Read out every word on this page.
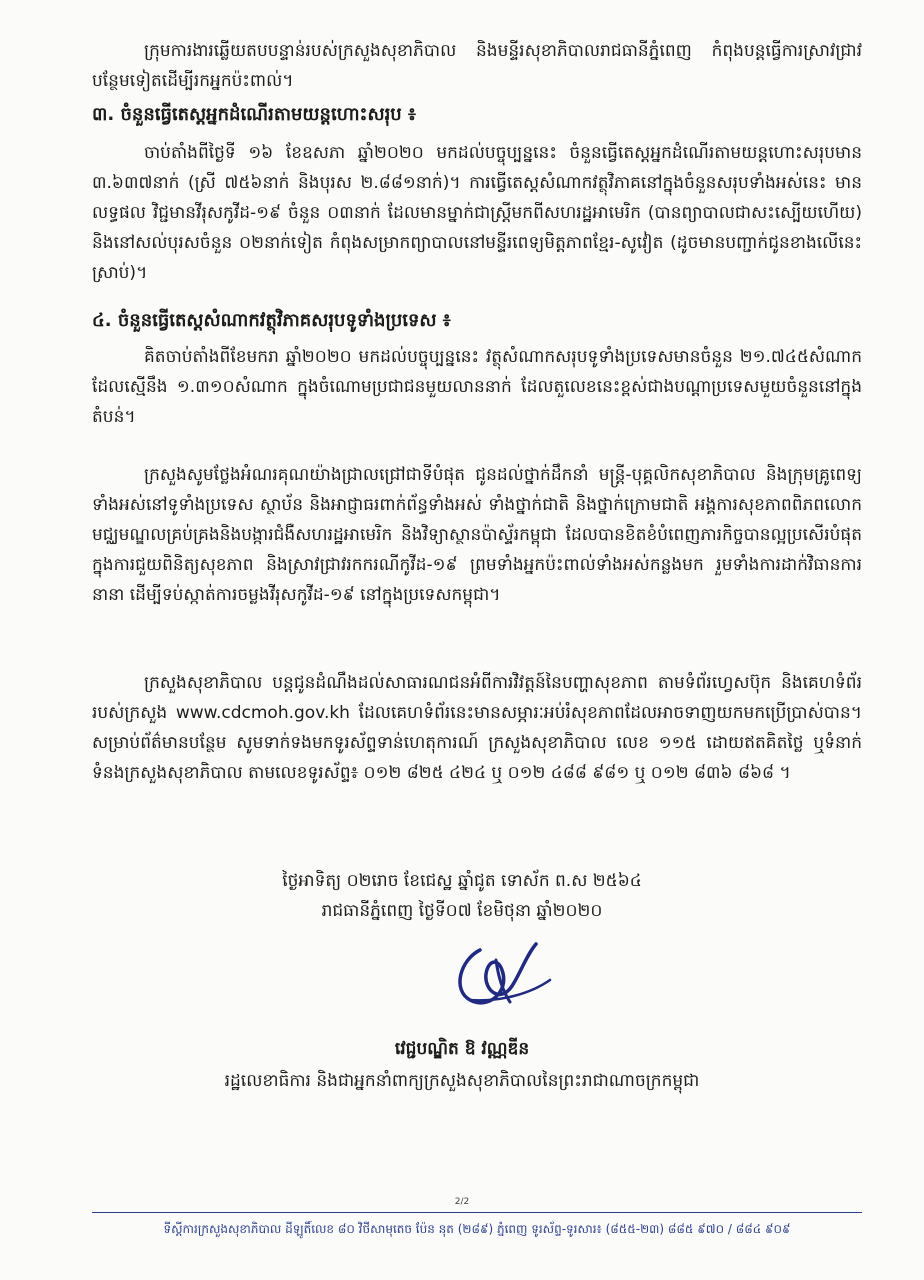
ក្រុមការងារឆ្លើយតបបន្ទាន់របស់ក្រសួងសុខាភិបាល និងមន្ទីរសុខាភិបាលរាជធានីភ្នំពេញ កំពុងបន្តធ្វើការស្រាវជ្រាវបន្ថែមទៀតដើម្បីរកអ្នកប៉ះពាល់។

៣. ចំនួនធ្វើតេស្តអ្នកដំណើរតាមយន្តហោះសរុប ៖

ចាប់តាំងពីថ្ងៃទី ១៦ ខែឧសភា ឆ្នាំ២០២០ មកដល់បច្ចុប្បន្ននេះ ចំនួនធ្វើតេស្តអ្នកដំណើរតាមយន្តហោះសរុបមាន ៣.៦៣៧នាក់ (ស្រី ៧៥៦នាក់ និងបុរស ២.៨៨១នាក់)។ ការធ្វើតេស្តសំណាកវត្ថុវិភាគនៅក្នុងចំនួនសរុបទាំងអស់នេះ មានលទ្ធផល វិជ្ជមានវីរុសកូវីដ-១៩ ចំនួន ០៣នាក់ ដែលមានម្នាក់ជាស្ត្រីមកពីសហរដ្ឋអាមេរិក (បានព្យាបាលជាសះស្បើយហើយ) និងនៅសល់បុរសចំនួន ០២នាក់ទៀត កំពុងសម្រាកព្យាបាលនៅមន្ទីរពេទ្យមិត្តភាពខ្មែរ-សូវៀត (ដូចមានបញ្ជាក់ជូនខាងលើនេះស្រាប់)។

៤. ចំនួនធ្វើតេស្តសំណាកវត្ថុវិភាគសរុបទូទាំងប្រទេស ៖

គិតចាប់តាំងពីខែមករា ឆ្នាំ២០២០ មកដល់បច្ចុប្បន្ននេះ វត្ថុសំណាកសរុបទូទាំងប្រទេសមានចំនួន ២១.៧៤៥សំណាក ដែលស្មើនឹង ១.៣១០សំណាក ក្នុងចំណោមប្រជាជនមួយលាននាក់ ដែលតួលេខនេះខ្ពស់ជាងបណ្តាប្រទេសមួយចំនួននៅក្នុងតំបន់។

ក្រសួងសូមថ្លែងអំណរគុណយ៉ាងជ្រាលជ្រៅជាទីបំផុត ជូនដល់ថ្នាក់ដឹកនាំ មន្ត្រី-បុគ្គលិកសុខាភិបាល និងក្រុមគ្រូពេទ្យទាំងអស់នៅទូទាំងប្រទេស ស្ថាប័ន និងអាជ្ញាធរពាក់ព័ន្ធទាំងអស់ ទាំងថ្នាក់ជាតិ និងថ្នាក់ក្រោមជាតិ អង្គការសុខភាពពិភពលោក មជ្ឈមណ្ឌលគ្រប់គ្រងនិងបង្ការជំងឺសហរដ្ឋអាមេរិក និងវិទ្យាស្ថានប៉ាស្ទ័រកម្ពុជា ដែលបានខិតខំបំពេញភារកិច្ចបានល្អប្រសើរបំផុត ក្នុងការជួយពិនិត្យសុខភាព និងស្រាវជ្រាវរកករណីកូវីដ-១៩ ព្រមទាំងអ្នកប៉ះពាល់ទាំងអស់កន្លងមក រួមទាំងការដាក់វិធានការនានា ដើម្បីទប់ស្កាត់ការចម្លងវីរុសកូវីដ-១៩ នៅក្នុងប្រទេសកម្ពុជា។

ក្រសួងសុខាភិបាល បន្តជូនដំណឹងដល់សាធារណជនអំពីការវិវត្តន៍នៃបញ្ហាសុខភាព តាមទំព័រហ្វេសប៊ុក និងគេហទំព័ររបស់ក្រសួង www.cdcmoh.gov.kh ដែលគេហទំព័រនេះមានសម្ភារៈអប់រំសុខភាពដែលអាចទាញយកមកប្រើប្រាស់បាន។ សម្រាប់ព័ត៌មានបន្ថែម សូមទាក់ទងមកទូរស័ព្ទទាន់ហេតុការណ៍ ក្រសួងសុខាភិបាល លេខ ១១៥ ដោយឥតគិតថ្លៃ ឬទំនាក់ទំនងក្រសួងសុខាភិបាល តាមលេខទូរស័ព្ទ៖ ០១២ ៨២៥ ៤២៤ ឬ ០១២ ៤៨៨ ៩៨១ ឬ ០១២ ៨៣៦ ៨៦៨ ។

ថ្ងៃអាទិត្យ ០២រោច ខែជេស្ឋ ឆ្នាំជូត ទោស័ក ព.ស ២៥៦៤

រាជធានីភ្នំពេញ ថ្ងៃទី០៧ ខែមិថុនា ឆ្នាំ២០២០

វេជ្ជបណ្ឌិត ឱ វណ្ណឌីន

រដ្ឋលេខាធិការ និងជាអ្នកនាំពាក្យក្រសួងសុខាភិបាលនៃព្រះរាជាណាចក្រកម្ពុជា

2/2
ទីស្តីការក្រសួងសុខាភិបាល ដីឡូតិ៍លេខ ៨០ វិថីសាមុតេច ប៉ែន នុត (២៨៩) ភ្នំពេញ ទូរស័ព្ទ-ទូរសារ៖ (៨៥៥-២៣) ៨៨៥ ៩៧០ / ៨៨៤ ៩០៩
